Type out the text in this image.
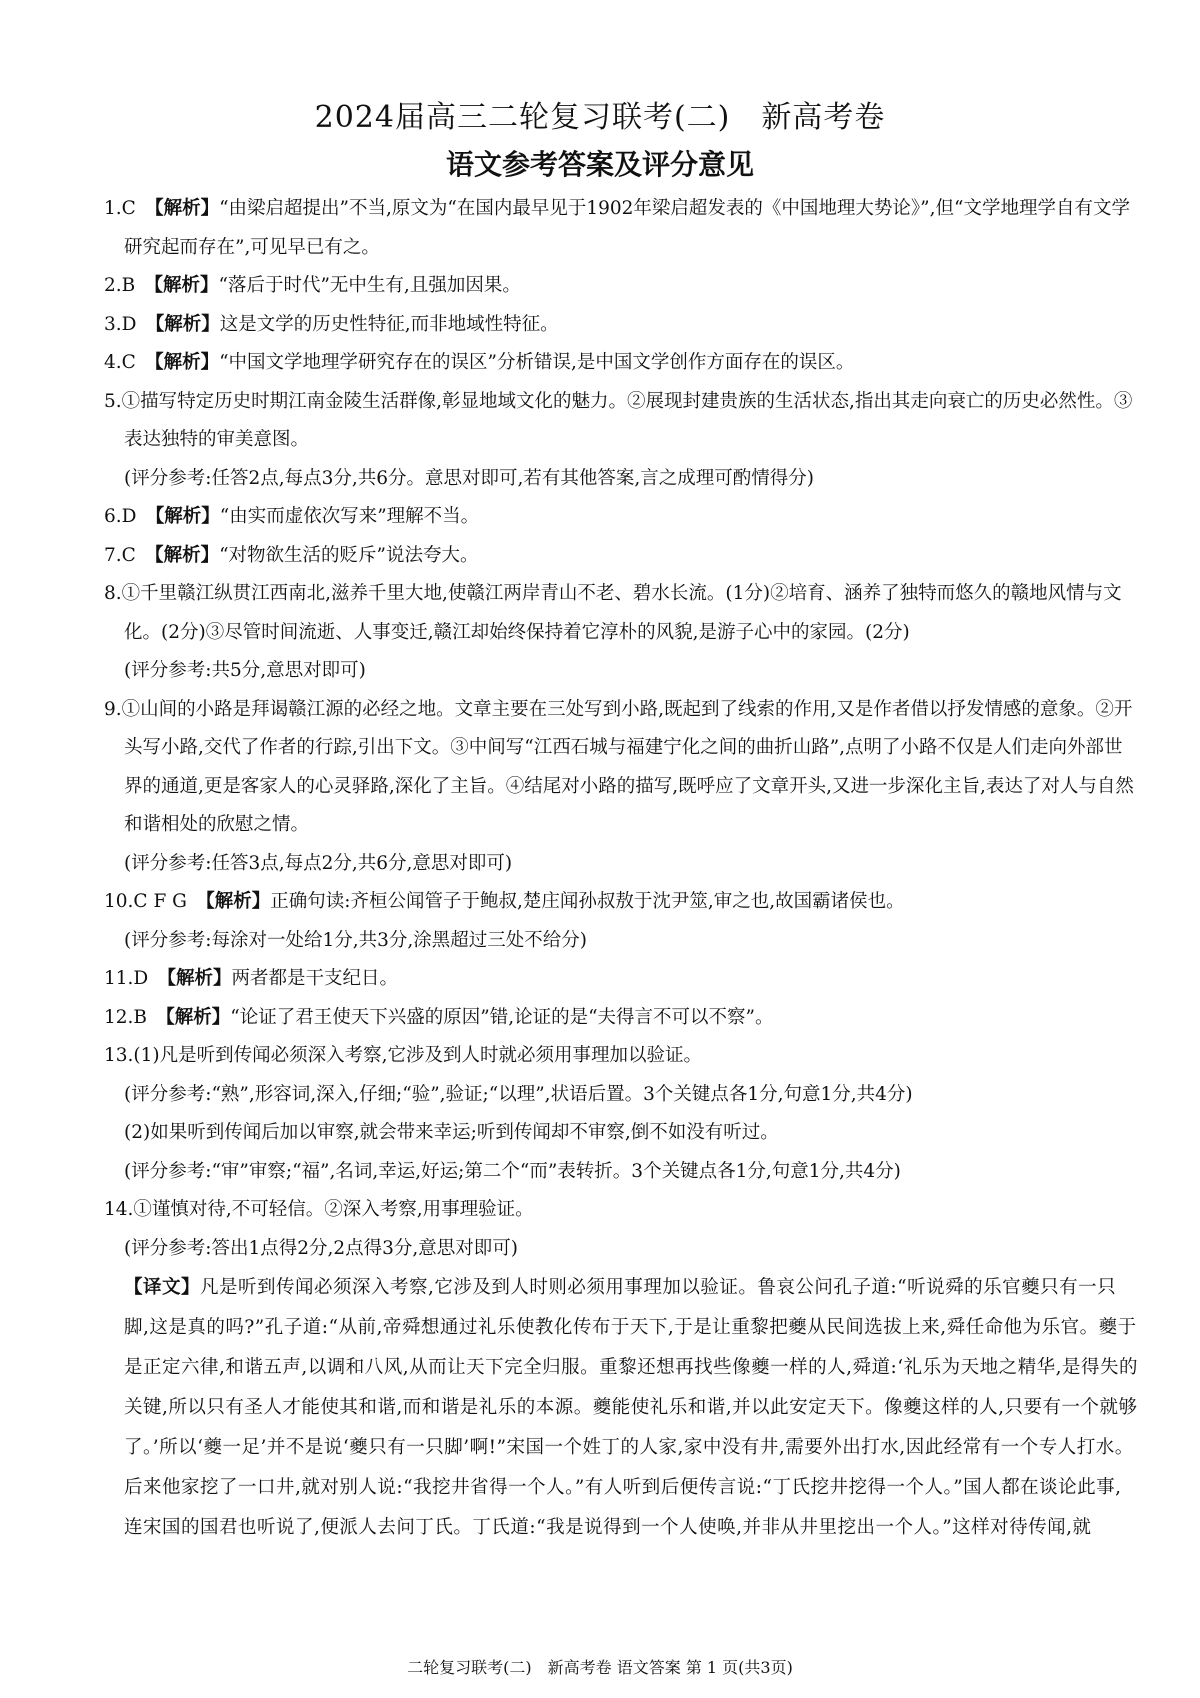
2024届高三二轮复习联考(二)　新高考卷
语文参考答案及评分意见

1.C　【解析】“由梁启超提出”不当,原文为“在国内最早见于1902年梁启超发表的《中国地理大势论》”,但“文学地理学自有文学研究起而存在”,可见早已有之。

2.B　【解析】“落后于时代”无中生有,且强加因果。

3.D　【解析】这是文学的历史性特征,而非地域性特征。

4.C　【解析】“中国文学地理学研究存在的误区”分析错误,是中国文学创作方面存在的误区。

5.①描写特定历史时期江南金陵生活群像,彰显地域文化的魅力。②展现封建贵族的生活状态,指出其走向衰亡的历史必然性。③表达独特的审美意图。

(评分参考:任答2点,每点3分,共6分。意思对即可,若有其他答案,言之成理可酌情得分)

6.D　【解析】“由实而虚依次写来”理解不当。

7.C　【解析】“对物欲生活的贬斥”说法夸大。

8.①千里赣江纵贯江西南北,滋养千里大地,使赣江两岸青山不老、碧水长流。(1分)②培育、涵养了独特而悠久的赣地风情与文化。(2分)③尽管时间流逝、人事变迁,赣江却始终保持着它淳朴的风貌,是游子心中的家园。(2分)

(评分参考:共5分,意思对即可)

9.①山间的小路是拜谒赣江源的必经之地。文章主要在三处写到小路,既起到了线索的作用,又是作者借以抒发情感的意象。②开头写小路,交代了作者的行踪,引出下文。③中间写“江西石城与福建宁化之间的曲折山路”,点明了小路不仅是人们走向外部世界的通道,更是客家人的心灵驿路,深化了主旨。④结尾对小路的描写,既呼应了文章开头,又进一步深化主旨,表达了对人与自然和谐相处的欣慰之情。

(评分参考:任答3点,每点2分,共6分,意思对即可)

10.C F G　【解析】正确句读:齐桓公闻管子于鲍叔,楚庄闻孙叔敖于沈尹筮,审之也,故国霸诸侯也。

(评分参考:每涂对一处给1分,共3分,涂黑超过三处不给分)

11.D　【解析】两者都是干支纪日。

12.B　【解析】“论证了君王使天下兴盛的原因”错,论证的是“夫得言不可以不察”。

13.(1)凡是听到传闻必须深入考察,它涉及到人时就必须用事理加以验证。

(评分参考:“熟”,形容词,深入,仔细;“验”,验证;“以理”,状语后置。3个关键点各1分,句意1分,共4分)

(2)如果听到传闻后加以审察,就会带来幸运;听到传闻却不审察,倒不如没有听过。

(评分参考:“审”审察;“福”,名词,幸运,好运;第二个“而”表转折。3个关键点各1分,句意1分,共4分)

14.①谨慎对待,不可轻信。②深入考察,用事理验证。

(评分参考:答出1点得2分,2点得3分,意思对即可)

【译文】凡是听到传闻必须深入考察,它涉及到人时则必须用事理加以验证。鲁哀公问孔子道:“听说舜的乐官夔只有一只脚,这是真的吗?”孔子道:“从前,帝舜想通过礼乐使教化传布于天下,于是让重黎把夔从民间选拔上来,舜任命他为乐官。夔于是正定六律,和谐五声,以调和八风,从而让天下完全归服。重黎还想再找些像夔一样的人,舜道:‘礼乐为天地之精华,是得失的关键,所以只有圣人才能使其和谐,而和谐是礼乐的本源。夔能使礼乐和谐,并以此安定天下。像夔这样的人,只要有一个就够了。’所以‘夔一足’并不是说‘夔只有一只脚’啊!”宋国一个姓丁的人家,家中没有井,需要外出打水,因此经常有一个专人打水。后来他家挖了一口井,就对别人说:“我挖井省得一个人。”有人听到后便传言说:“丁氏挖井挖得一个人。”国人都在谈论此事,连宋国的国君也听说了,便派人去问丁氏。丁氏道:“我是说得到一个人使唤,并非从井里挖出一个人。”这样对待传闻,就

二轮复习联考(二)　新高考卷 语文答案 第 1 页(共3页)
